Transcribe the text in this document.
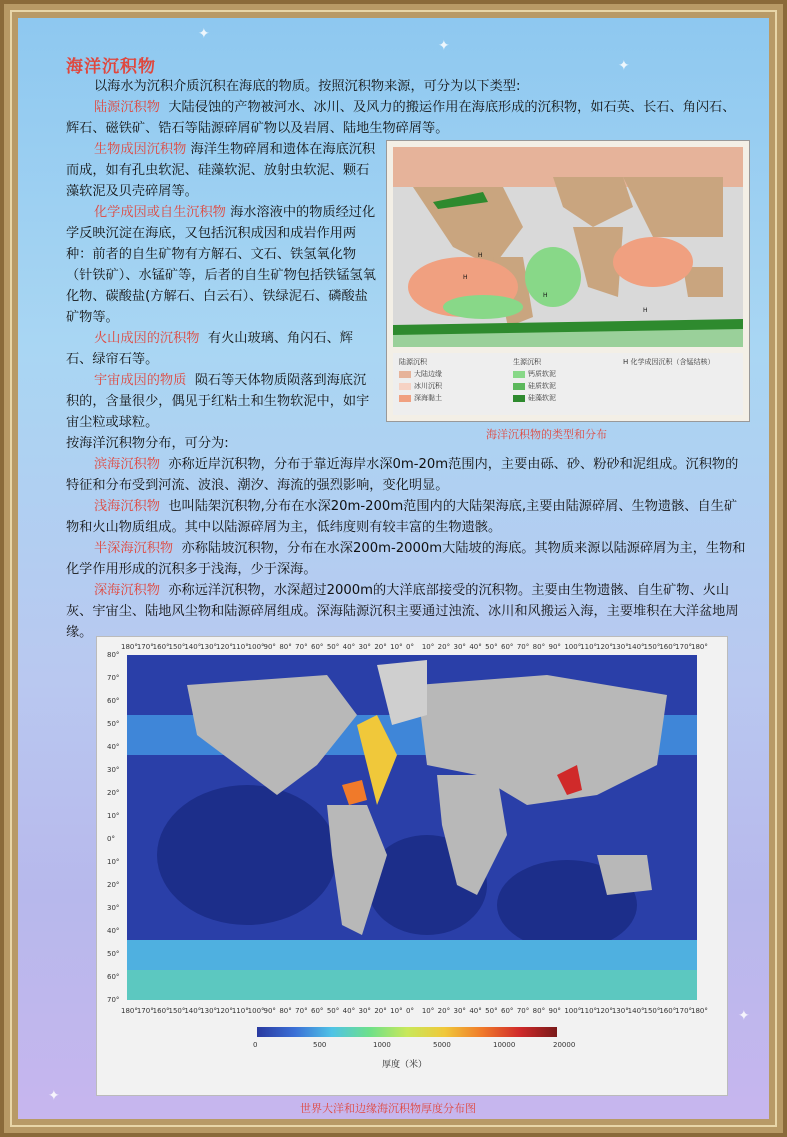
✦
✦
✦
✦
✦
海洋沉积物
以海水为沉积介质沉积在海底的物质。按照沉积物来源，可分为以下类型:
陆源沉积物 大陆侵蚀的产物被河水、冰川、及风力的搬运作用在海底形成的沉积物，如石英、长石、角闪石、辉石、磁铁矿、锆石等陆源碎屑矿物以及岩屑、陆地生物碎屑等。
生物成因沉积物 海洋生物碎屑和遗体在海底沉积而成，如有孔虫软泥、硅藻软泥、放射虫软泥、颗石藻软泥及贝壳碎屑等。
化学成因或自生沉积物 海水溶液中的物质经过化学反映沉淀在海底，又包括沉积成因和成岩作用两种：前者的自生矿物有方解石、文石、铁氢氧化物（针铁矿）、水锰矿等，后者的自生矿物包括铁锰氢氧化物、碳酸盐(方解石、白云石）、铁绿泥石、磷酸盐矿物等。
火山成因的沉积物 有火山玻璃、角闪石、辉石、绿帘石等。
宇宙成因的物质 陨石等天体物质陨落到海底沉积的，含量很少，偶见于红粘土和生物软泥中，如宇宙尘粒或球粒。
按海洋沉积物分布，可分为:
H
H
H
H
陆源沉积	生源沉积	H 化学成因沉积（含锰结核）
大陆边缘
冰川沉积
深海黏土
钙质软泥
硅质软泥
硅藻软泥
海洋沉积物的类型和分布
滨海沉积物 亦称近岸沉积物，分布于靠近海岸水深0m-20m范围内，主要由砾、砂、粉砂和泥组成。沉积物的特征和分布受到河流、波浪、潮汐、海流的强烈影响，变化明显。
浅海沉积物 也叫陆架沉积物,分布在水深20m-200m范围内的大陆架海底,主要由陆源碎屑、生物遗骸、自生矿物和火山物质组成。其中以陆源碎屑为主，低纬度则有较丰富的生物遗骸。
半深海沉积物 亦称陆坡沉积物，分布在水深200m-2000m大陆坡的海底。其物质来源以陆源碎屑为主，生物和化学作用形成的沉积多于浅海，少于深海。
深海沉积物 亦称远洋沉积物，水深超过2000m的大洋底部接受的沉积物。主要由生物遗骸、自生矿物、火山灰、宇宙尘、陆地风尘物和陆源碎屑组成。深海陆源沉积主要通过浊流、冰川和风搬运入海，主要堆积在大洋盆地周缘。
180°
170°
160°
150°
140°
130°
120°
110°
100°
90° 80° 70° 60° 50° 40° 30° 20° 10° 0° 10° 20° 30° 40° 50° 60° 70° 80° 90° 100°
110°
120°
130°
140°
150°
160°
170°
180°
80°
70°
60°
50°
40°
30°
20°
10°
0°
10°
20°
30°
40°
50°
60°
70°
180°
170°
160°
150°
140°
130°
120°
110°
100°
90° 80° 70° 60° 50° 40° 30° 20° 10° 0° 10° 20° 30° 40° 50° 60° 70° 80° 90° 100°
110°
120°
130°
140°
150°
160°
170°
180°
0	500	1000	5000	10000	20000
厚度（米）
世界大洋和边缘海沉积物厚度分布图
